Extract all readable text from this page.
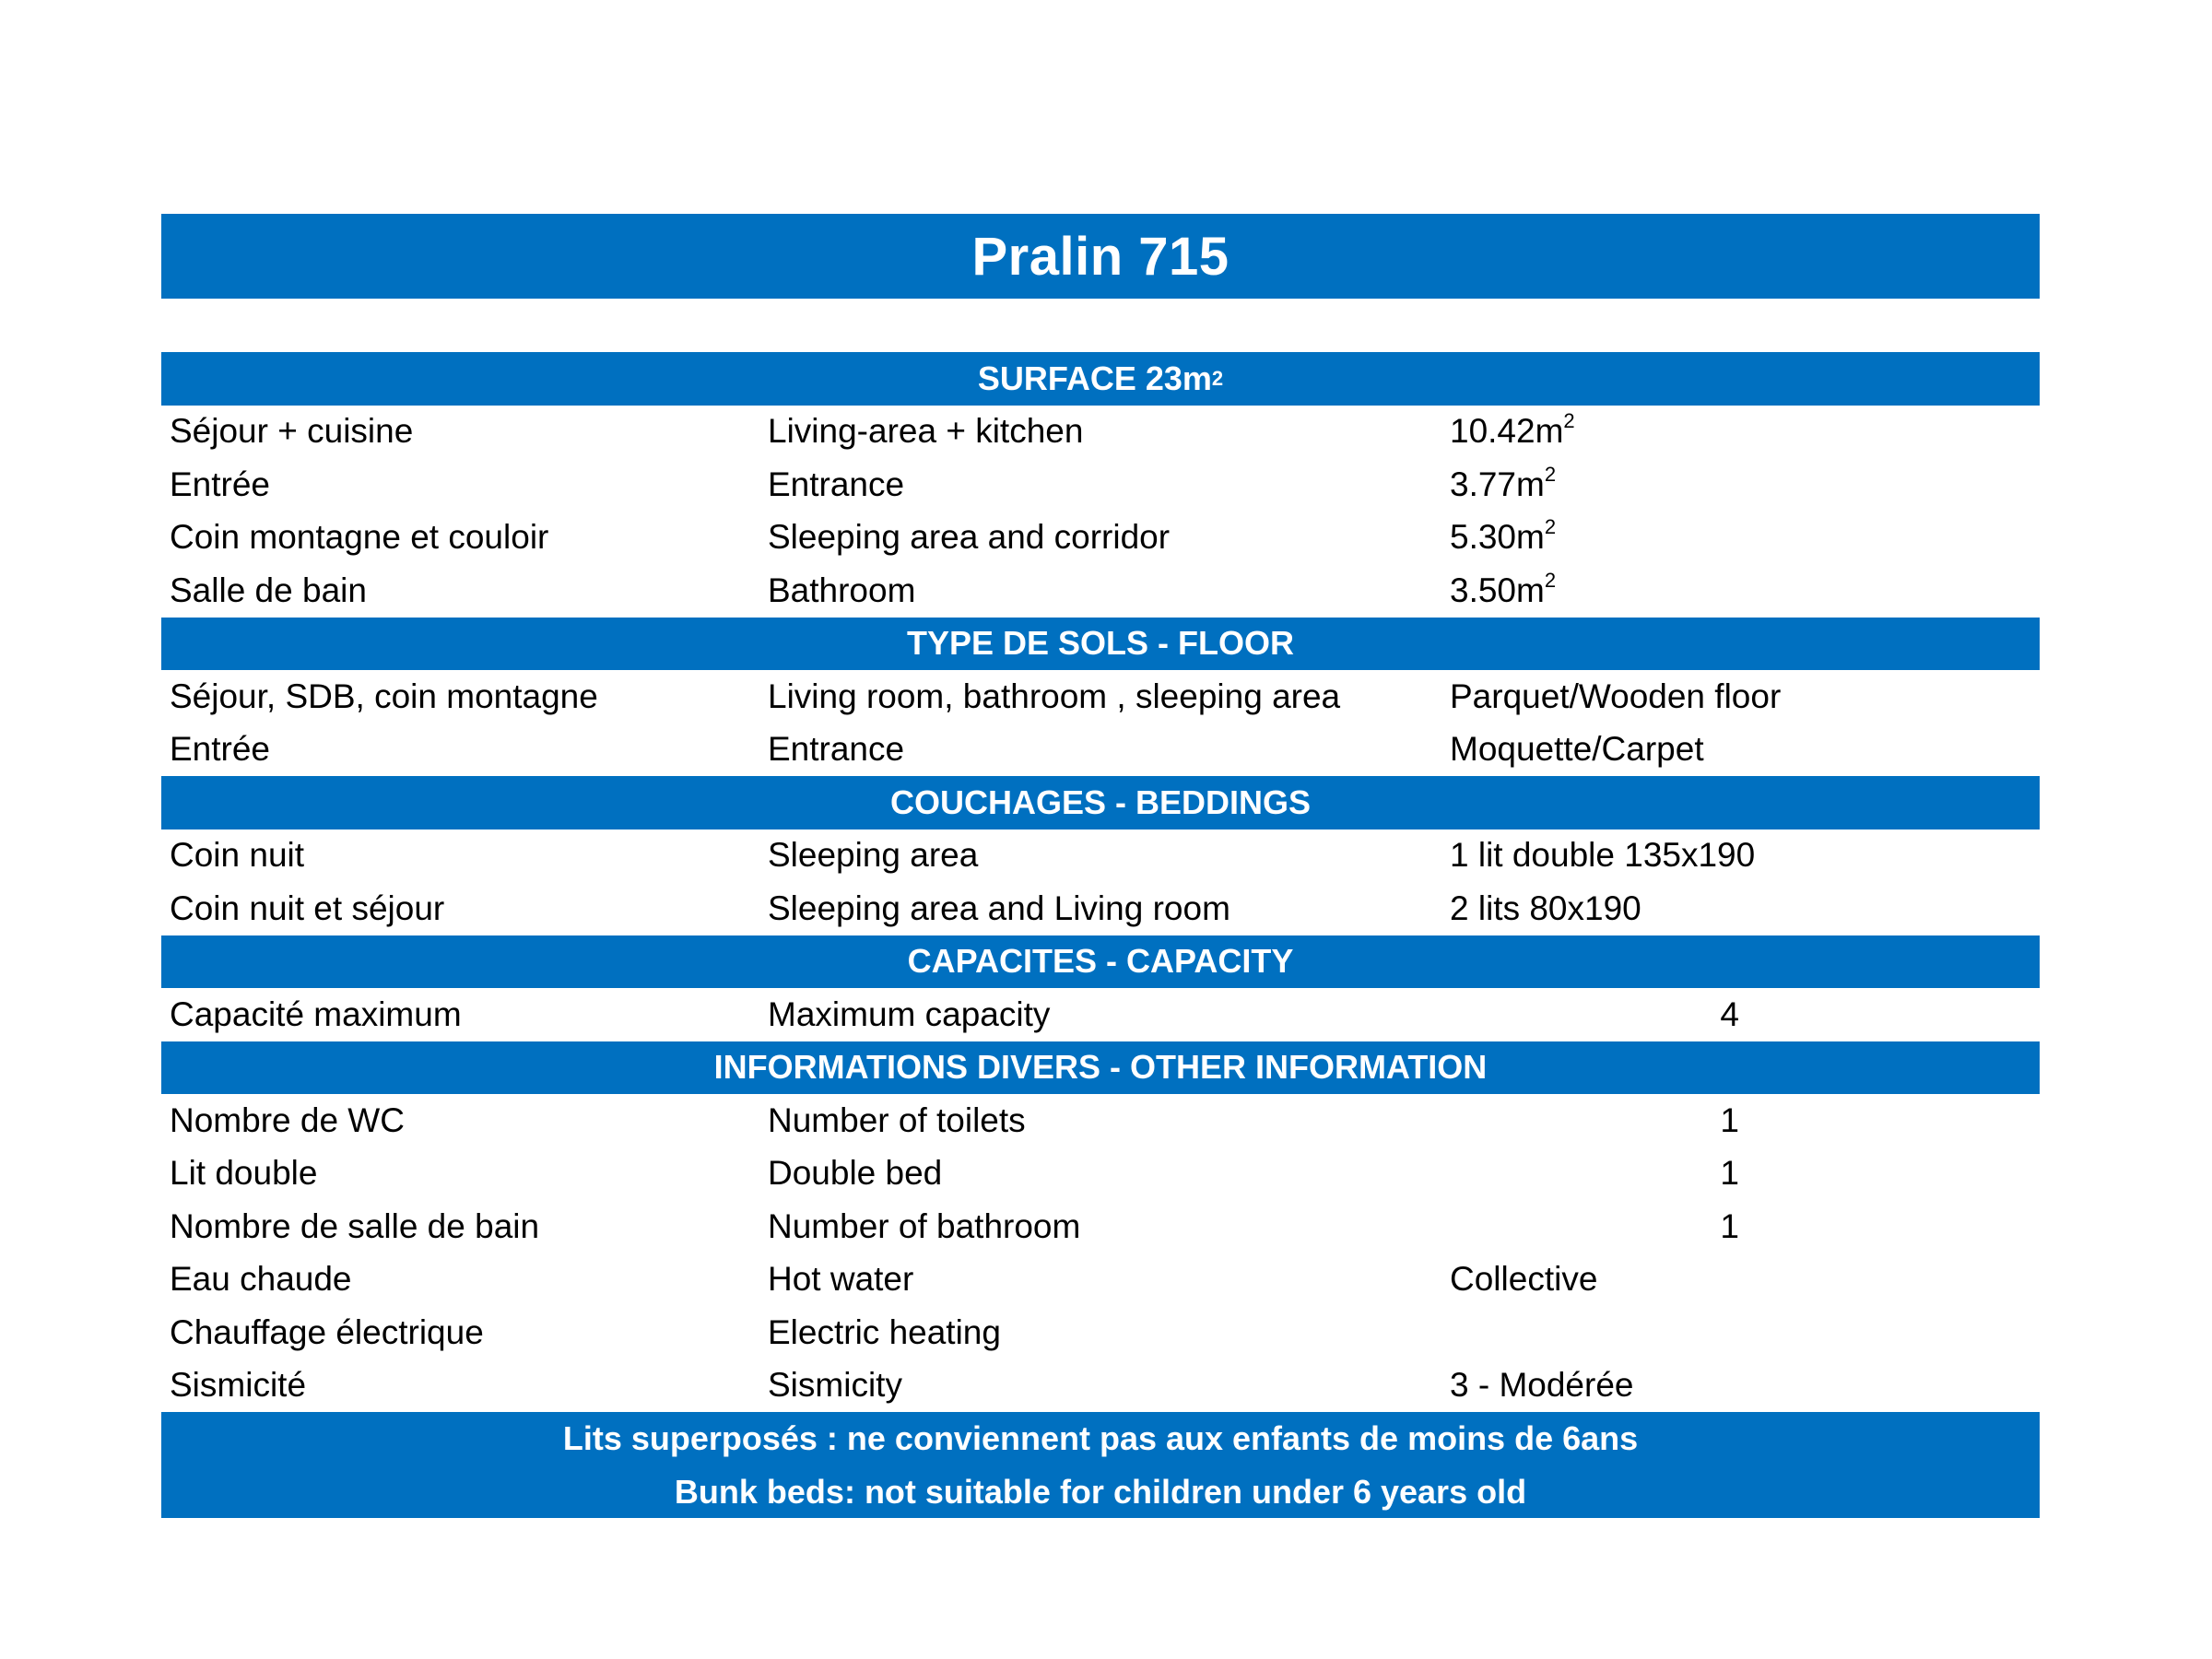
Pralin 715
SURFACE 23m 2
Séjour + cuisine	Living-area + kitchen	$10.42m^2$
Entrée	Entrance	$3.77m^2$
Coin montagne et couloir	Sleeping area and corridor	$5.30m^2$
Salle de bain	Bathroom	$3.50m^2$
TYPE DE SOLS - FLOOR
Séjour, SDB, coin montagne	Living room, bathroom , sleeping area	Parquet/Wooden floor
Entrée	Entrance	Moquette/Carpet
COUCHAGES - BEDDINGS
Coin nuit	Sleeping area	1 lit double 135x190
Coin nuit et séjour	Sleeping area and Living room	2 lits 80x190
CAPACITES - CAPACITY
Capacité maximum	Maximum capacity	4
INFORMATIONS DIVERS - OTHER INFORMATION
Nombre de WC	Number of toilets	1
Lit double	Double bed	1
Nombre de salle de bain	Number of bathroom	1
Eau chaude	Hot water	Collective
Chauffage électrique	Electric heating
Sismicité	Sismicity	3 - Modérée
Lits superposés : ne conviennent pas aux enfants de moins de 6ans
Bunk beds: not suitable for children under 6 years old
